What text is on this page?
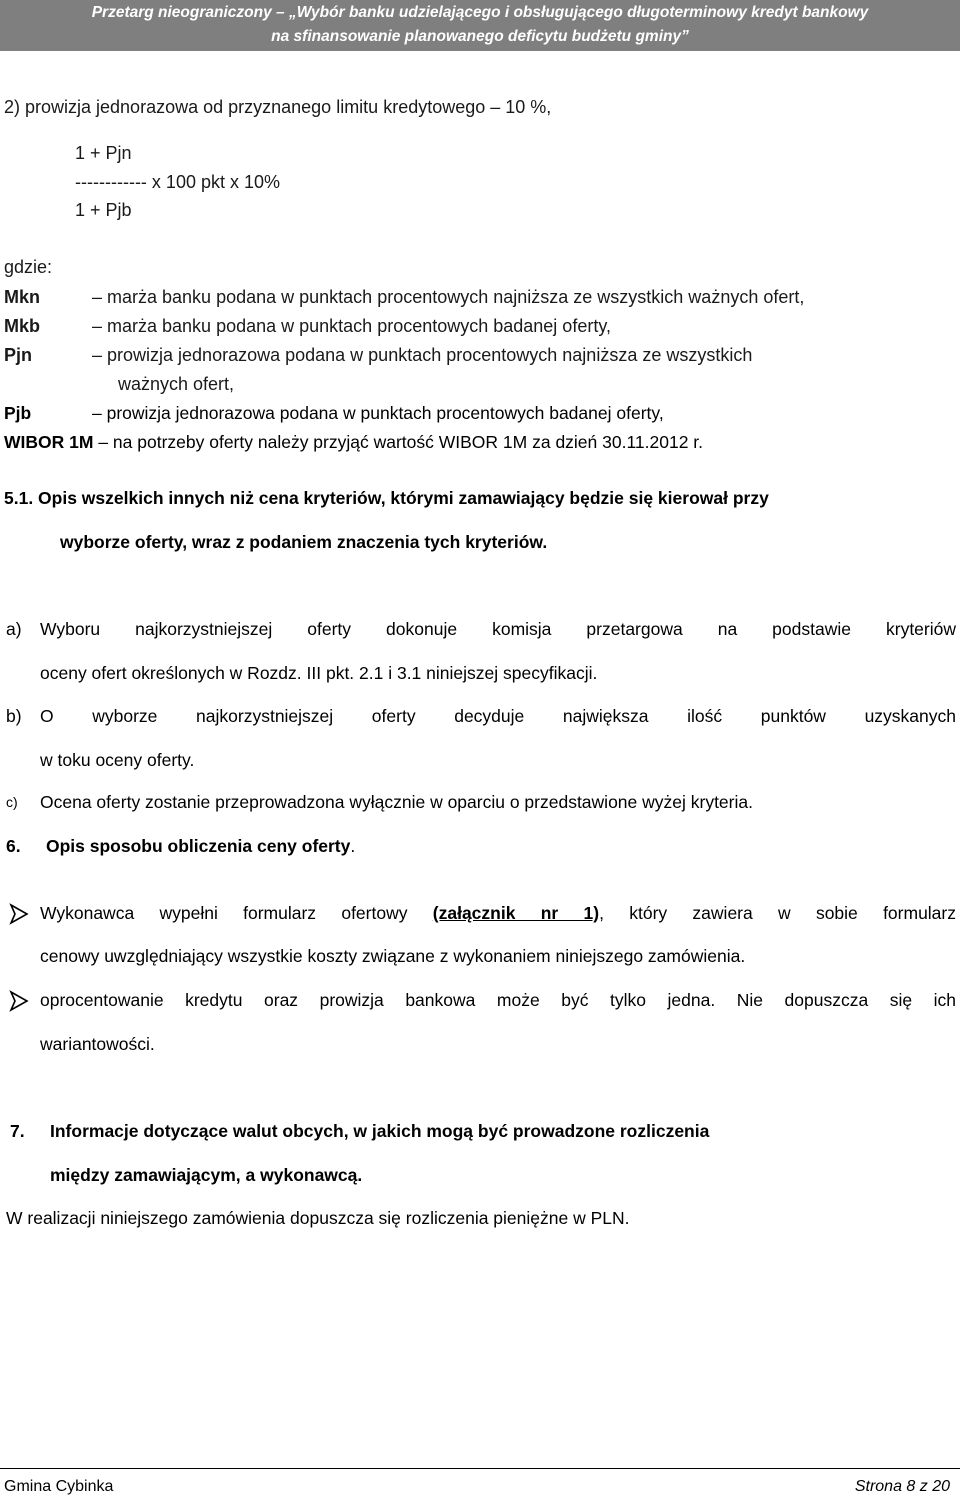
Przetarg nieograniczony – „Wybór banku udzielającego i obsługującego długoterminowy kredyt bankowy
na sfinansowanie planowanego deficytu budżetu gminy”
2) prowizja jednorazowa od przyznanego limitu kredytowego – 10 %,
1 + Pjn
------------ x 100 pkt x 10%
1 + Pjb
gdzie:
Mkn	– marża banku podana w punktach procentowych najniższa ze wszystkich ważnych ofert,
Mkb	– marża banku podana w punktach procentowych badanej oferty,
Pjn	– prowizja jednorazowa podana w punktach procentowych najniższa ze wszystkich
ważnych ofert,
Pjb	– prowizja jednorazowa podana w punktach procentowych badanej oferty,
WIBOR 1M – na potrzeby oferty należy przyjąć wartość WIBOR 1M za dzień 30.11.2012 r.
5.1. Opis wszelkich innych niż cena kryteriów, którymi zamawiający będzie się kierował przy
wyborze oferty, wraz z podaniem znaczenia tych kryteriów.
a) Wyboru najkorzystniejszej oferty dokonuje komisja przetargowa na podstawie kryteriów
oceny ofert określonych w Rozdz. III pkt. 2.1 i 3.1 niniejszej specyfikacji.
b) O wyborze najkorzystniejszej oferty decyduje największa ilość punktów uzyskanych
w toku oceny oferty.
c) Ocena oferty zostanie przeprowadzona wyłącznie w oparciu o przedstawione wyżej kryteria.
6. Opis sposobu obliczenia ceny oferty.
Wykonawca wypełni formularz ofertowy (załącznik nr 1), który zawiera w sobie formularz
cenowy uwzględniający wszystkie koszty związane z wykonaniem niniejszego zamówienia.
oprocentowanie kredytu oraz prowizja bankowa może być tylko jedna. Nie dopuszcza się ich
wariantowości.
7. Informacje dotyczące walut obcych, w jakich mogą być prowadzone rozliczenia
między zamawiającym, a wykonawcą.
W realizacji niniejszego zamówienia dopuszcza się rozliczenia pieniężne w PLN.
Gmina Cybinka	Strona 8 z 20
